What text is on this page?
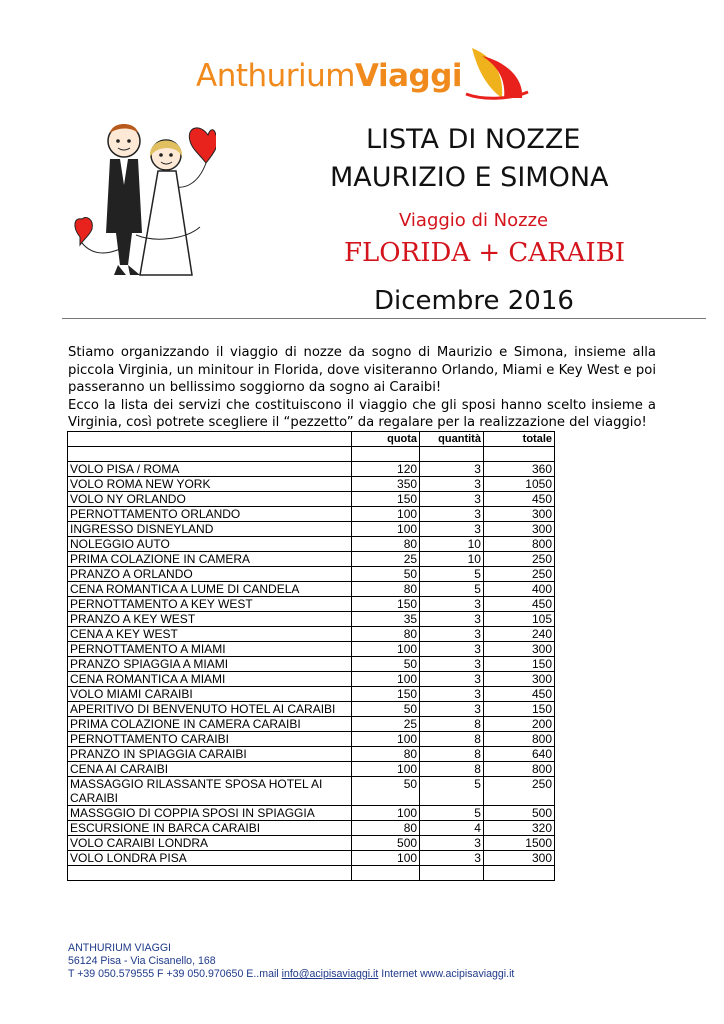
AnthuriumViaggi
LISTA DI NOZZE
MAURIZIO E SIMONA
Viaggio di Nozze
FLORIDA + CARAIBI
Dicembre 2016

Stiamo organizzando il viaggio di nozze da sogno di Maurizio e Simona, insieme alla piccola Virginia, un minitour in Florida, dove visiteranno Orlando, Miami e Key West e poi passeranno un bellissimo soggiorno da sogno ai Caraibi!

Ecco la lista dei servizi che costituiscono il viaggio che gli sposi hanno scelto insieme a Virginia, così potrete scegliere il “pezzetto” da regalare per la realizzazione del viaggio!

	quota	quantità	totale

VOLO PISA / ROMA	120	3	360
VOLO ROMA NEW YORK	350	3	1050
VOLO NY ORLANDO	150	3	450
PERNOTTAMENTO ORLANDO	100	3	300
INGRESSO DISNEYLAND	100	3	300
NOLEGGIO AUTO	80	10	800
PRIMA COLAZIONE IN CAMERA	25	10	250
PRANZO A ORLANDO	50	5	250
CENA ROMANTICA A LUME DI CANDELA	80	5	400
PERNOTTAMENTO A KEY WEST	150	3	450
PRANZO A KEY WEST	35	3	105
CENA A KEY WEST	80	3	240
PERNOTTAMENTO A MIAMI	100	3	300
PRANZO SPIAGGIA A MIAMI	50	3	150
CENA ROMANTICA A MIAMI	100	3	300
VOLO MIAMI CARAIBI	150	3	450
APERITIVO DI BENVENUTO HOTEL AI CARAIBI	50	3	150
PRIMA COLAZIONE IN CAMERA CARAIBI	25	8	200
PERNOTTAMENTO CARAIBI	100	8	800
PRANZO IN SPIAGGIA CARAIBI	80	8	640
CENA AI CARAIBI	100	8	800
MASSAGGIO RILASSANTE SPOSA HOTEL AI CARAIBI	50	5	250
MASSGGIO DI COPPIA SPOSI IN SPIAGGIA	100	5	500
ESCURSIONE IN BARCA CARAIBI	80	4	320
VOLO CARAIBI LONDRA	500	3	1500
VOLO LONDRA PISA	100	3	300

ANTHURIUM VIAGGI
56124 Pisa - Via Cisanello, 168
T +39 050.579555 F +39 050.970650 E..mail info@acipisaviaggi.it Internet www.acipisaviaggi.it
